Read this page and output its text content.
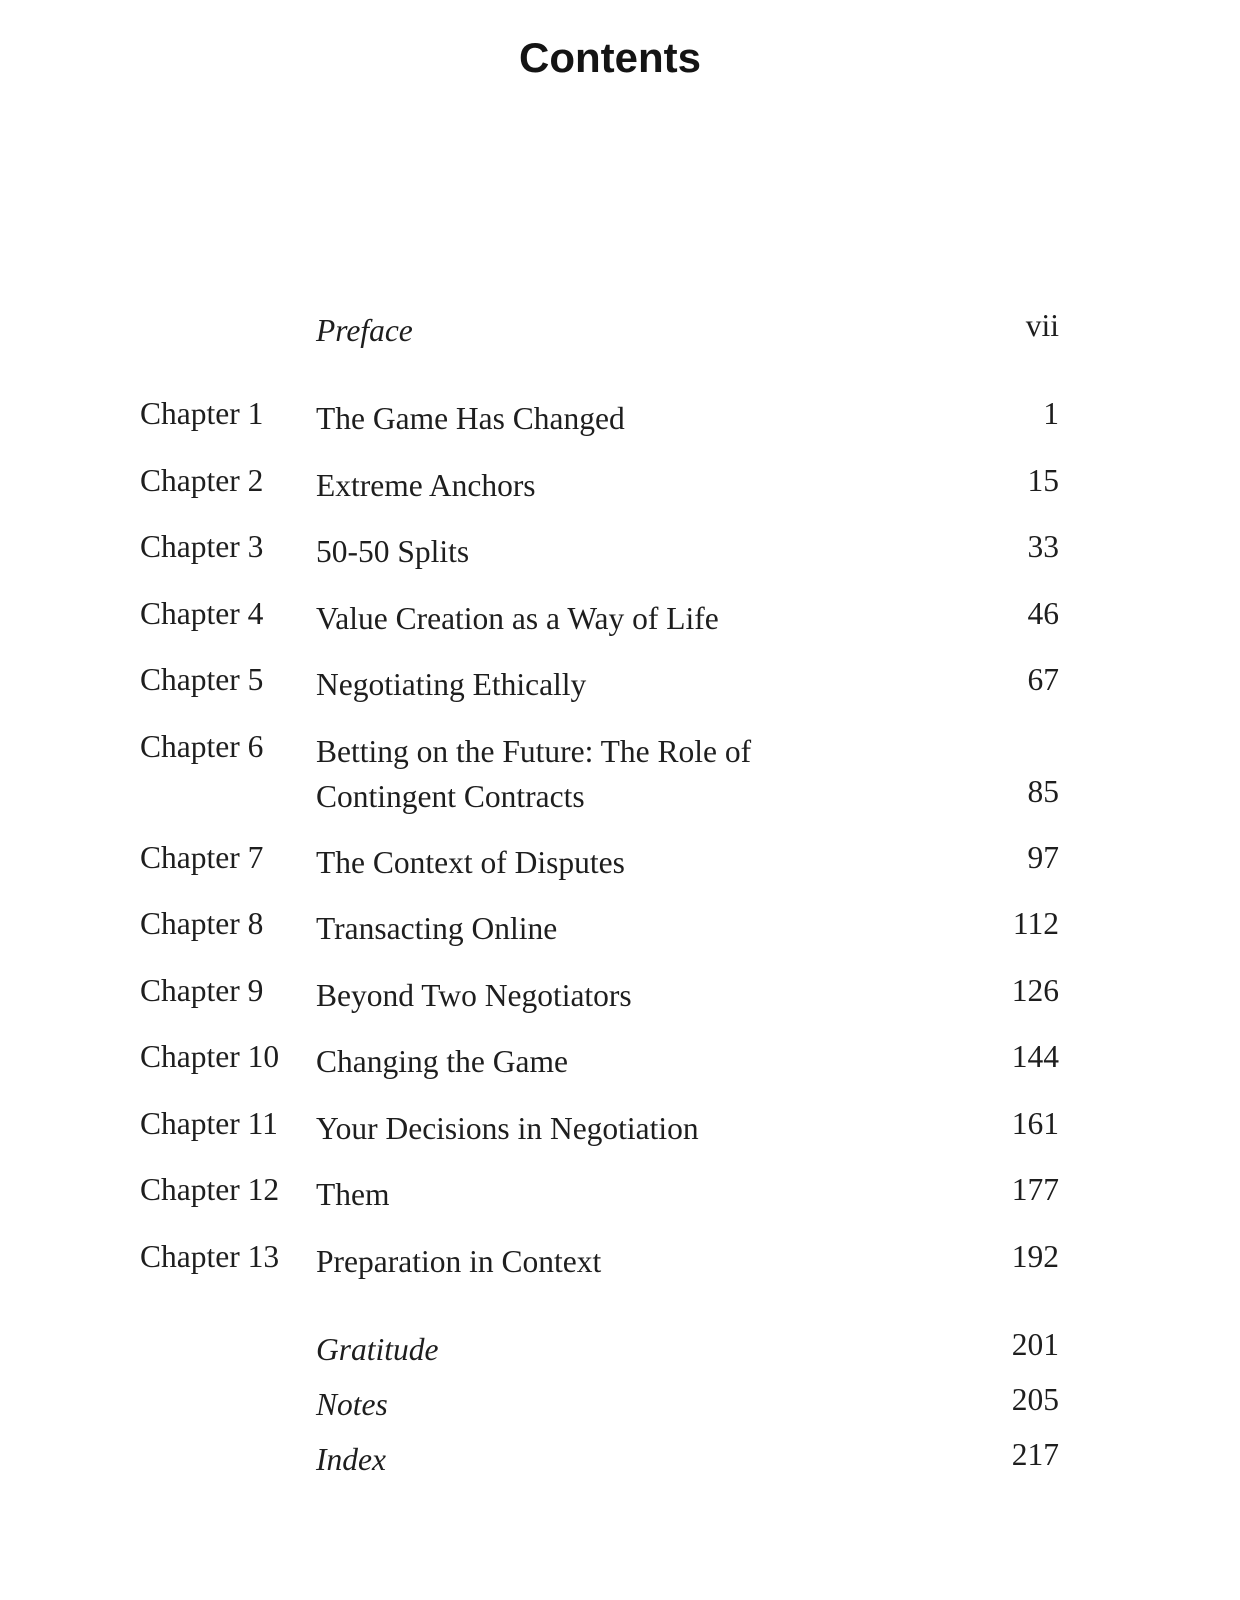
Contents
Preface	vii
Chapter 1 The Game Has Changed	1
Chapter 2 Extreme Anchors	15
Chapter 3 50-50 Splits	33
Chapter 4 Value Creation as a Way of Life	46
Chapter 5 Negotiating Ethically	67
Chapter 6 Betting on the Future: The Role of Contingent Contracts	85
Chapter 7 The Context of Disputes	97
Chapter 8 Transacting Online	112
Chapter 9 Beyond Two Negotiators	126
Chapter 10 Changing the Game	144
Chapter 11 Your Decisions in Negotiation	161
Chapter 12 Them	177
Chapter 13 Preparation in Context	192
Gratitude	201
Notes	205
Index	217
